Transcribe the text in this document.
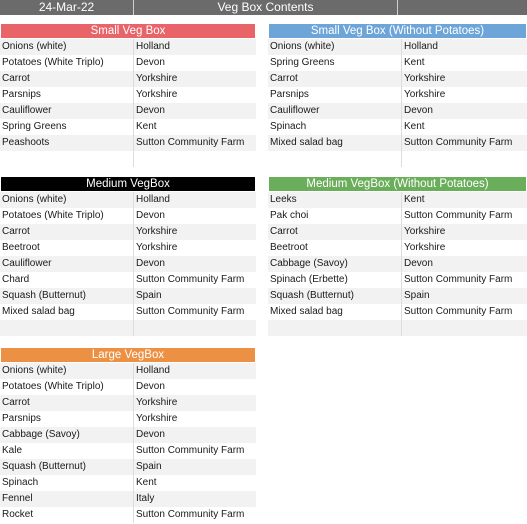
24-Mar-22	Veg Box Contents
Small Veg Box
Onions (white)	Holland
Potatoes (White Triplo)	Devon
Carrot	Yorkshire
Parsnips	Yorkshire
Cauliflower	Devon
Spring Greens	Kent
Peashoots	Sutton Community Farm
Small Veg Box (Without Potatoes)
Onions (white)	Holland
Spring Greens	Kent
Carrot	Yorkshire
Parsnips	Yorkshire
Cauliflower	Devon
Spinach	Kent
Mixed salad bag	Sutton Community Farm
Medium VegBox
Onions (white)	Holland
Potatoes (White Triplo)	Devon
Carrot	Yorkshire
Beetroot	Yorkshire
Cauliflower	Devon
Chard	Sutton Community Farm
Squash (Butternut)	Spain
Mixed salad bag	Sutton Community Farm
Medium VegBox (Without Potatoes)
Leeks	Kent
Pak choi	Sutton Community Farm
Carrot	Yorkshire
Beetroot	Yorkshire
Cabbage (Savoy)	Devon
Spinach (Erbette)	Sutton Community Farm
Squash (Butternut)	Spain
Mixed salad bag	Sutton Community Farm
Large VegBox
Onions (white)	Holland
Potatoes (White Triplo)	Devon
Carrot	Yorkshire
Parsnips	Yorkshire
Cabbage (Savoy)	Devon
Kale	Sutton Community Farm
Squash (Butternut)	Spain
Spinach	Kent
Fennel	Italy
Rocket	Sutton Community Farm
